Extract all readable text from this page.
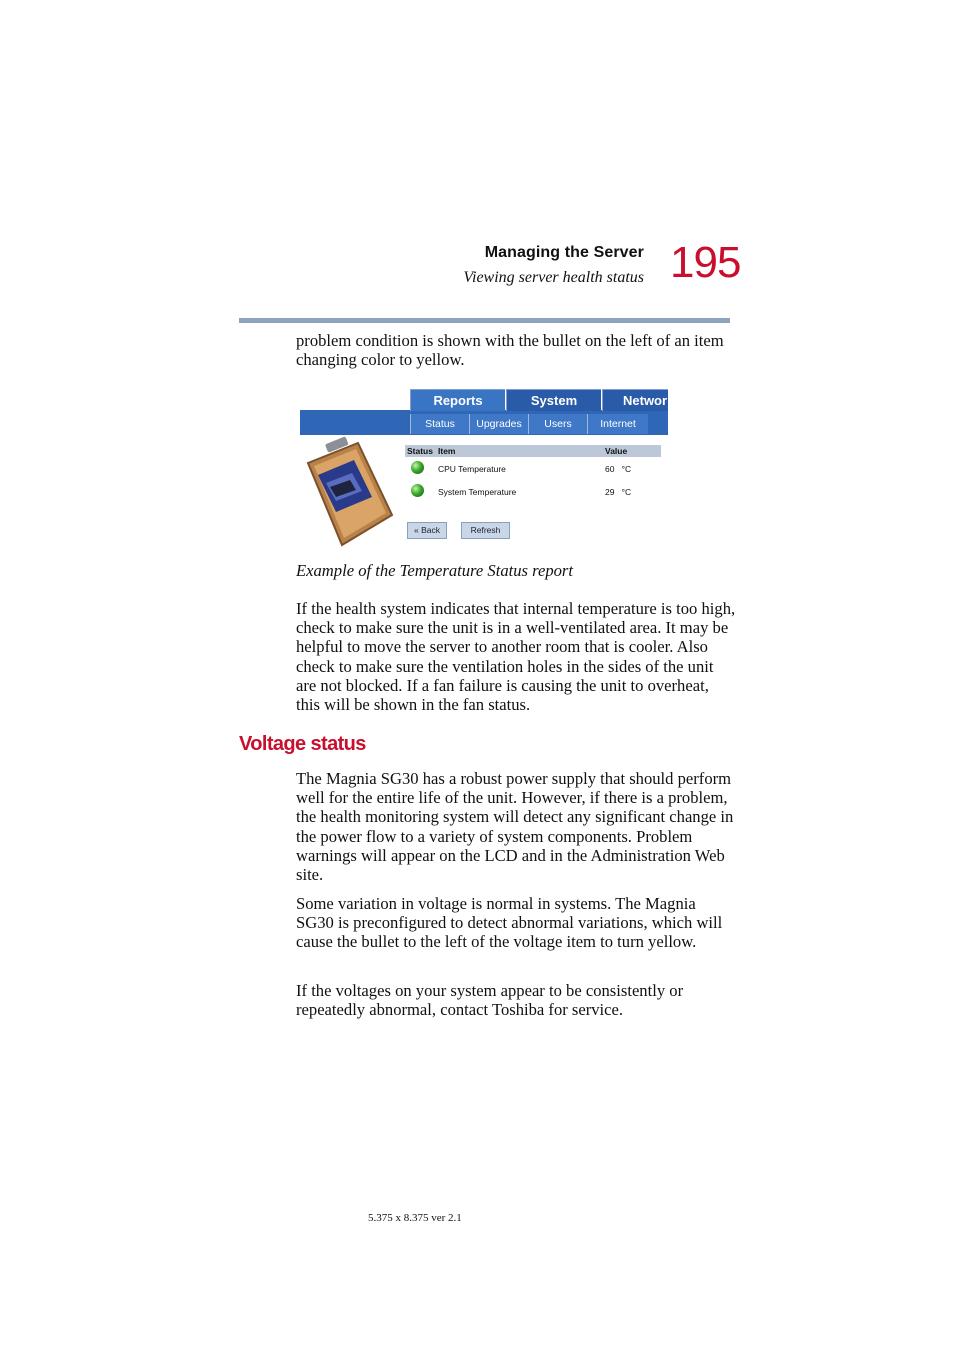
Managing the Server
Viewing server health status 195

problem condition is shown with the bullet on the left of an item changing color to yellow.

Reports	System	Networ
Status	Upgrades	Users	Internet
Status	Item	Value
	CPU Temperature	60 °C
	System Temperature	29 °C
« Back	Refresh
Example of the Temperature Status report

If the health system indicates that internal temperature is too high, check to make sure the unit is in a well-ventilated area. It may be helpful to move the server to another room that is cooler. Also check to make sure the ventilation holes in the sides of the unit are not blocked. If a fan failure is causing the unit to overheat, this will be shown in the fan status.

Voltage status

The Magnia SG30 has a robust power supply that should perform well for the entire life of the unit. However, if there is a problem, the health monitoring system will detect any significant change in the power flow to a variety of system components. Problem warnings will appear on the LCD and in the Administration Web site.

Some variation in voltage is normal in systems. The Magnia SG30 is preconfigured to detect abnormal variations, which will cause the bullet to the left of the voltage item to turn yellow.

If the voltages on your system appear to be consistently or repeatedly abnormal, contact Toshiba for service.

5.375 x 8.375 ver 2.1
